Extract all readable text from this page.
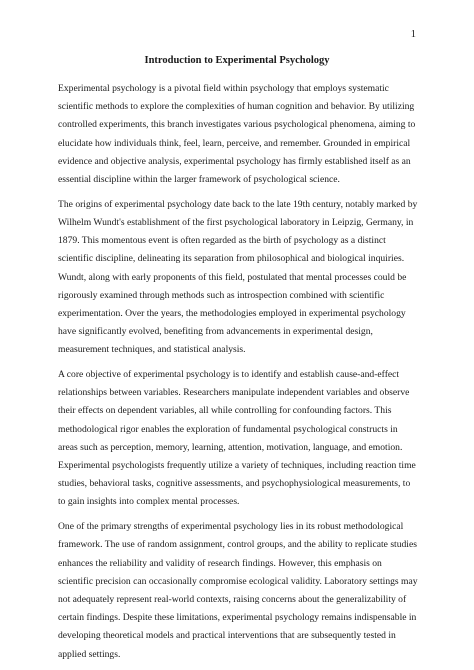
1
Introduction to Experimental Psychology

Experimental psychology is a pivotal field within psychology that employs systematic
scientific methods to explore the complexities of human cognition and behavior. By utilizing
controlled experiments, this branch investigates various psychological phenomena, aiming to
elucidate how individuals think, feel, learn, perceive, and remember. Grounded in empirical
evidence and objective analysis, experimental psychology has firmly established itself as an
essential discipline within the larger framework of psychological science.

The origins of experimental psychology date back to the late 19th century, notably marked by
Wilhelm Wundt's establishment of the first psychological laboratory in Leipzig, Germany, in
1879. This momentous event is often regarded as the birth of psychology as a distinct
scientific discipline, delineating its separation from philosophical and biological inquiries.
Wundt, along with early proponents of this field, postulated that mental processes could be
rigorously examined through methods such as introspection combined with scientific
experimentation. Over the years, the methodologies employed in experimental psychology
have significantly evolved, benefiting from advancements in experimental design,
measurement techniques, and statistical analysis.

A core objective of experimental psychology is to identify and establish cause-and-effect
relationships between variables. Researchers manipulate independent variables and observe
their effects on dependent variables, all while controlling for confounding factors. This
methodological rigor enables the exploration of fundamental psychological constructs in
areas such as perception, memory, learning, attention, motivation, language, and emotion.
Experimental psychologists frequently utilize a variety of techniques, including reaction time
studies, behavioral tasks, cognitive assessments, and psychophysiological measurements, to
to gain insights into complex mental processes.

One of the primary strengths of experimental psychology lies in its robust methodological
framework. The use of random assignment, control groups, and the ability to replicate studies
enhances the reliability and validity of research findings. However, this emphasis on
scientific precision can occasionally compromise ecological validity. Laboratory settings may
not adequately represent real-world contexts, raising concerns about the generalizability of
certain findings. Despite these limitations, experimental psychology remains indispensable in
developing theoretical models and practical interventions that are subsequently tested in
applied settings.
